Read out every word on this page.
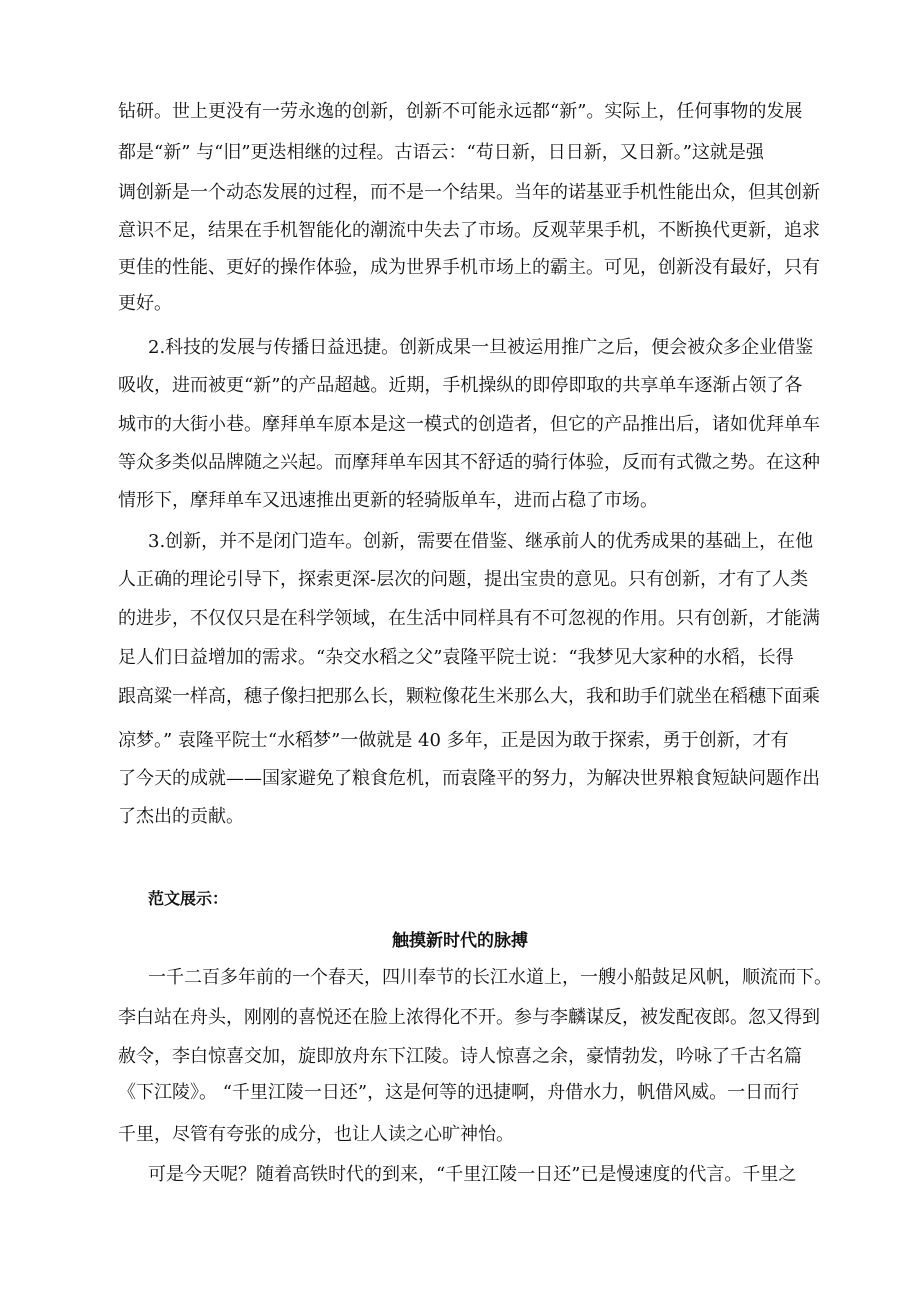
钻研。世上更没有一劳永逸的创新，创新不可能永远都“新”。实际上，任何事物的发展
都是“新” 与“旧”更迭相继的过程。古语云：“苟日新，日日新，又日新。”这就是强
调创新是一个动态发展的过程，而不是一个结果。当年的诺基亚手机性能出众，但其创新
意识不足，结果在手机智能化的潮流中失去了市场。反观苹果手机，不断换代更新，追求
更佳的性能、更好的操作体验，成为世界手机市场上的霸主。可见，创新没有最好，只有
更好。
2.科技的发展与传播日益迅捷。创新成果一旦被运用推广之后，便会被众多企业借鉴
吸收，进而被更“新”的产品超越。近期，手机操纵的即停即取的共享单车逐渐占领了各
城市的大街小巷。摩拜单车原本是这一模式的创造者，但它的产品推出后，诸如优拜单车
等众多类似品牌随之兴起。而摩拜单车因其不舒适的骑行体验，反而有式微之势。在这种
情形下，摩拜单车又迅速推出更新的轻骑版单车，进而占稳了市场。
3.创新，并不是闭门造车。创新，需要在借鉴、继承前人的优秀成果的基础上，在他
人正确的理论引导下，探索更深-层次的问题，提出宝贵的意见。只有创新，才有了人类
的进步，不仅仅只是在科学领域，在生活中同样具有不可忽视的作用。只有创新，才能满
足人们日益增加的需求。“杂交水稻之父”袁隆平院士说：“我梦见大家种的水稻，长得
跟高粱一样高，穗子像扫把那么长，颗粒像花生米那么大，我和助手们就坐在稻穗下面乘
凉梦。” 袁隆平院士“水稻梦”一做就是 40 多年，正是因为敢于探索，勇于创新，才有
了今天的成就——国家避免了粮食危机，而袁隆平的努力，为解决世界粮食短缺问题作出
了杰出的贡献。
范文展示：
触摸新时代的脉搏
一千二百多年前的一个春天，四川奉节的长江水道上，一艘小船鼓足风帆，顺流而下。
李白站在舟头，刚刚的喜悦还在脸上浓得化不开。参与李麟谋反，被发配夜郎。忽又得到
赦令，李白惊喜交加，旋即放舟东下江陵。诗人惊喜之余，豪情勃发，吟咏了千古名篇
《下江陵》。 “千里江陵一日还”，这是何等的迅捷啊，舟借水力，帆借风威。一日而行
千里，尽管有夸张的成分，也让人读之心旷神怡。
可是今天呢？随着高铁时代的到来，“千里江陵一日还”已是慢速度的代言。千里之
